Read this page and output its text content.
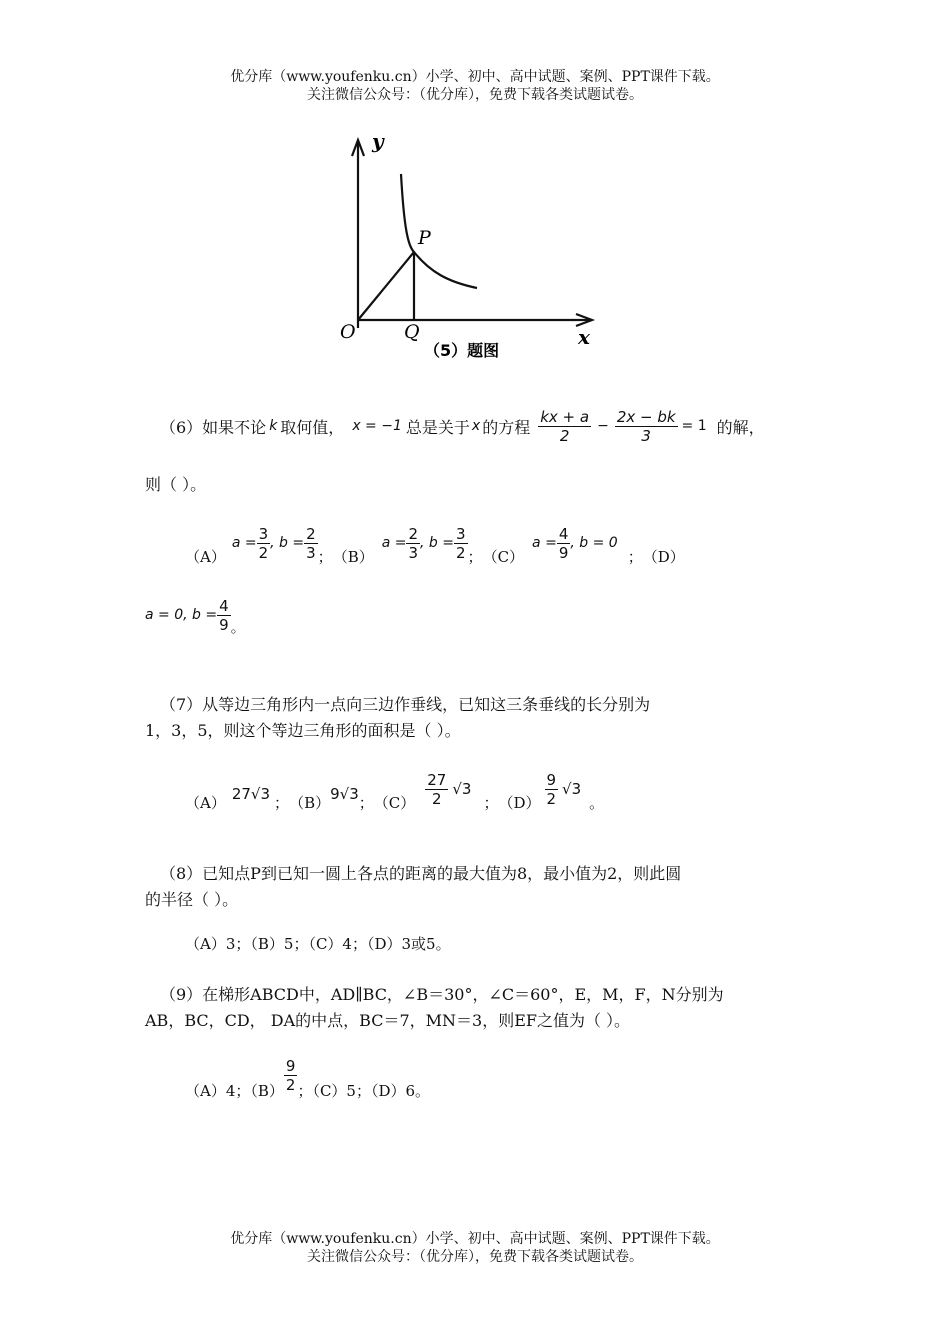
优分库（www.youfenku.cn）小学、初中、高中试题、案例、PPT课件下载。
关注微信公众号：（优分库），免费下载各类试题试卷。
y
P
O	Q	x
（5）题图
（6）如果不论 k 取何值， x = −1 总是关于 x 的方程 $\frac{kx + a}{2} - \frac{2x - bk}{3} = 1$ 的解，
则（ ）。
（A）
$a = \frac{3}{2}$ , $b = \frac{2}{3}$ ； （B）
$a = \frac{2}{3}$ , $b = \frac{3}{2}$ ； （C）
$a = \frac{4}{9}$ , b = 0
； （D）
a = 0, $b = \frac{4}{9}$ 。
（7）从等边三角形内一点向三边作垂线，已知这三条垂线的长分别为
1，3，5，则这个等边三角形的面积是（ ）。
（A） 27√3 ； （B） 9√3 ； $(C) \frac{27}{2} √3$
； $(D) \frac{9}{2} √3$
。
（8）已知点P到已知一圆上各点的距离的最大值为8，最小值为2，则此圆
的半径（ ）。
（A）3；（B）5；（C）4；（D）3或5。
（9）在梯形ABCD中，AD∥BC，∠B＝30°，∠C＝60°，E，M，F，N分别为
AB，BC，CD， DA的中点，BC＝7，MN＝3，则EF之值为（ ）。
（A）4；$(B) \frac{9}{2}$ ；（C）5；（D）6。
优分库（www.youfenku.cn）小学、初中、高中试题、案例、PPT课件下载。
关注微信公众号：（优分库），免费下载各类试题试卷。
